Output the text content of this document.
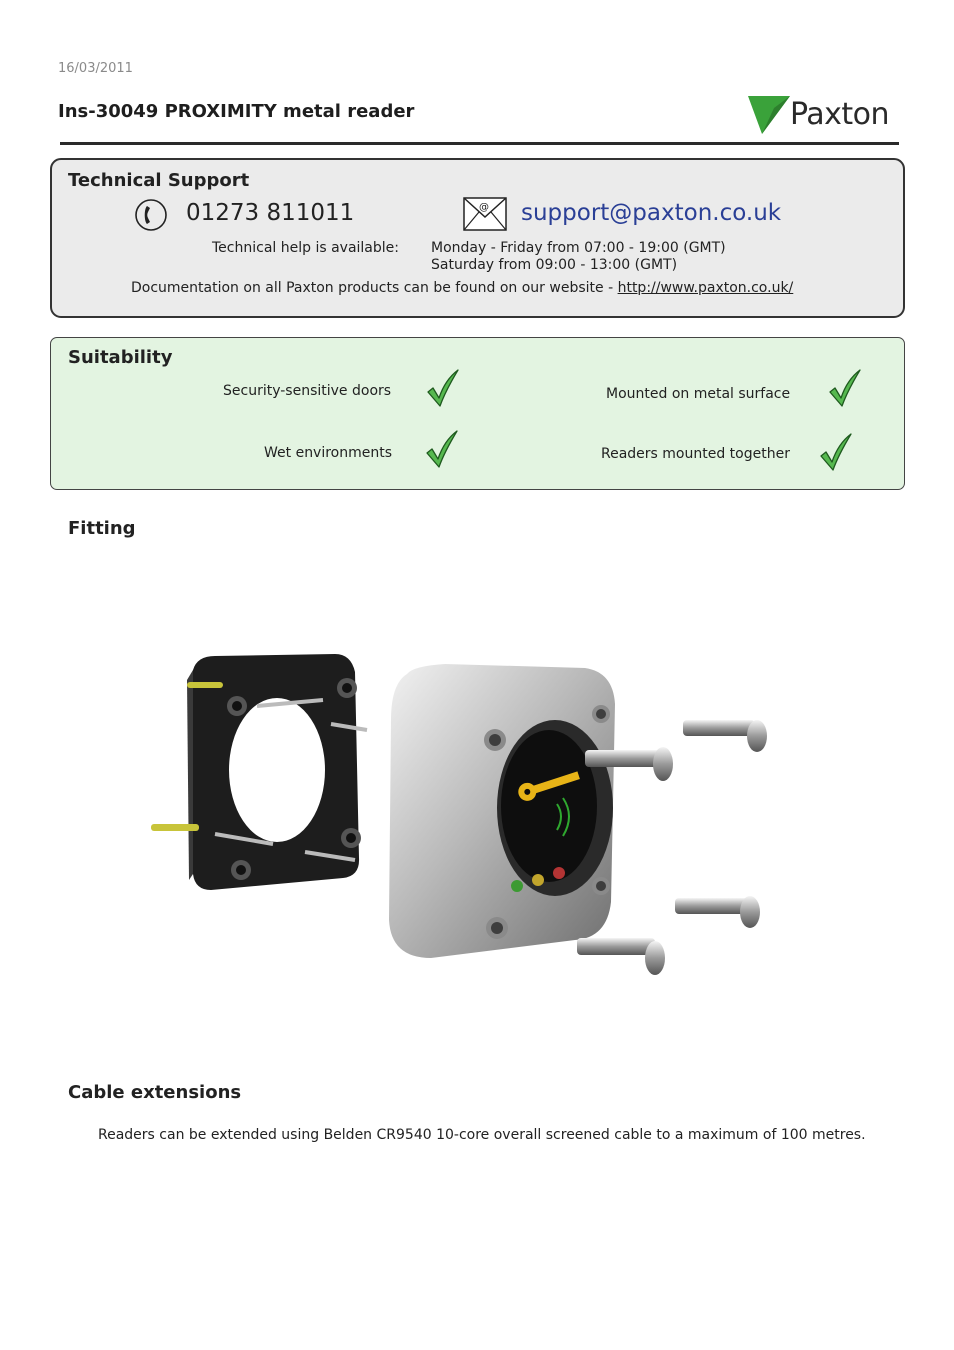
16/03/2011
Ins-30049 PROXIMITY metal reader	Paxton
Technical Support
01273 811011	@ support@paxton.co.uk
Technical help is available: Monday - Friday from 07:00 - 19:00 (GMT)
Saturday from 09:00 - 13:00 (GMT)
Documentation on all Paxton products can be found on our website - http://www.paxton.co.uk/
Suitability
Security-sensitive doors
Wet environments
Mounted on metal surface
Readers mounted together
Fitting
Cable extensions
Readers can be extended using Belden CR9540 10-core overall screened cable to a maximum of 100 metres.
